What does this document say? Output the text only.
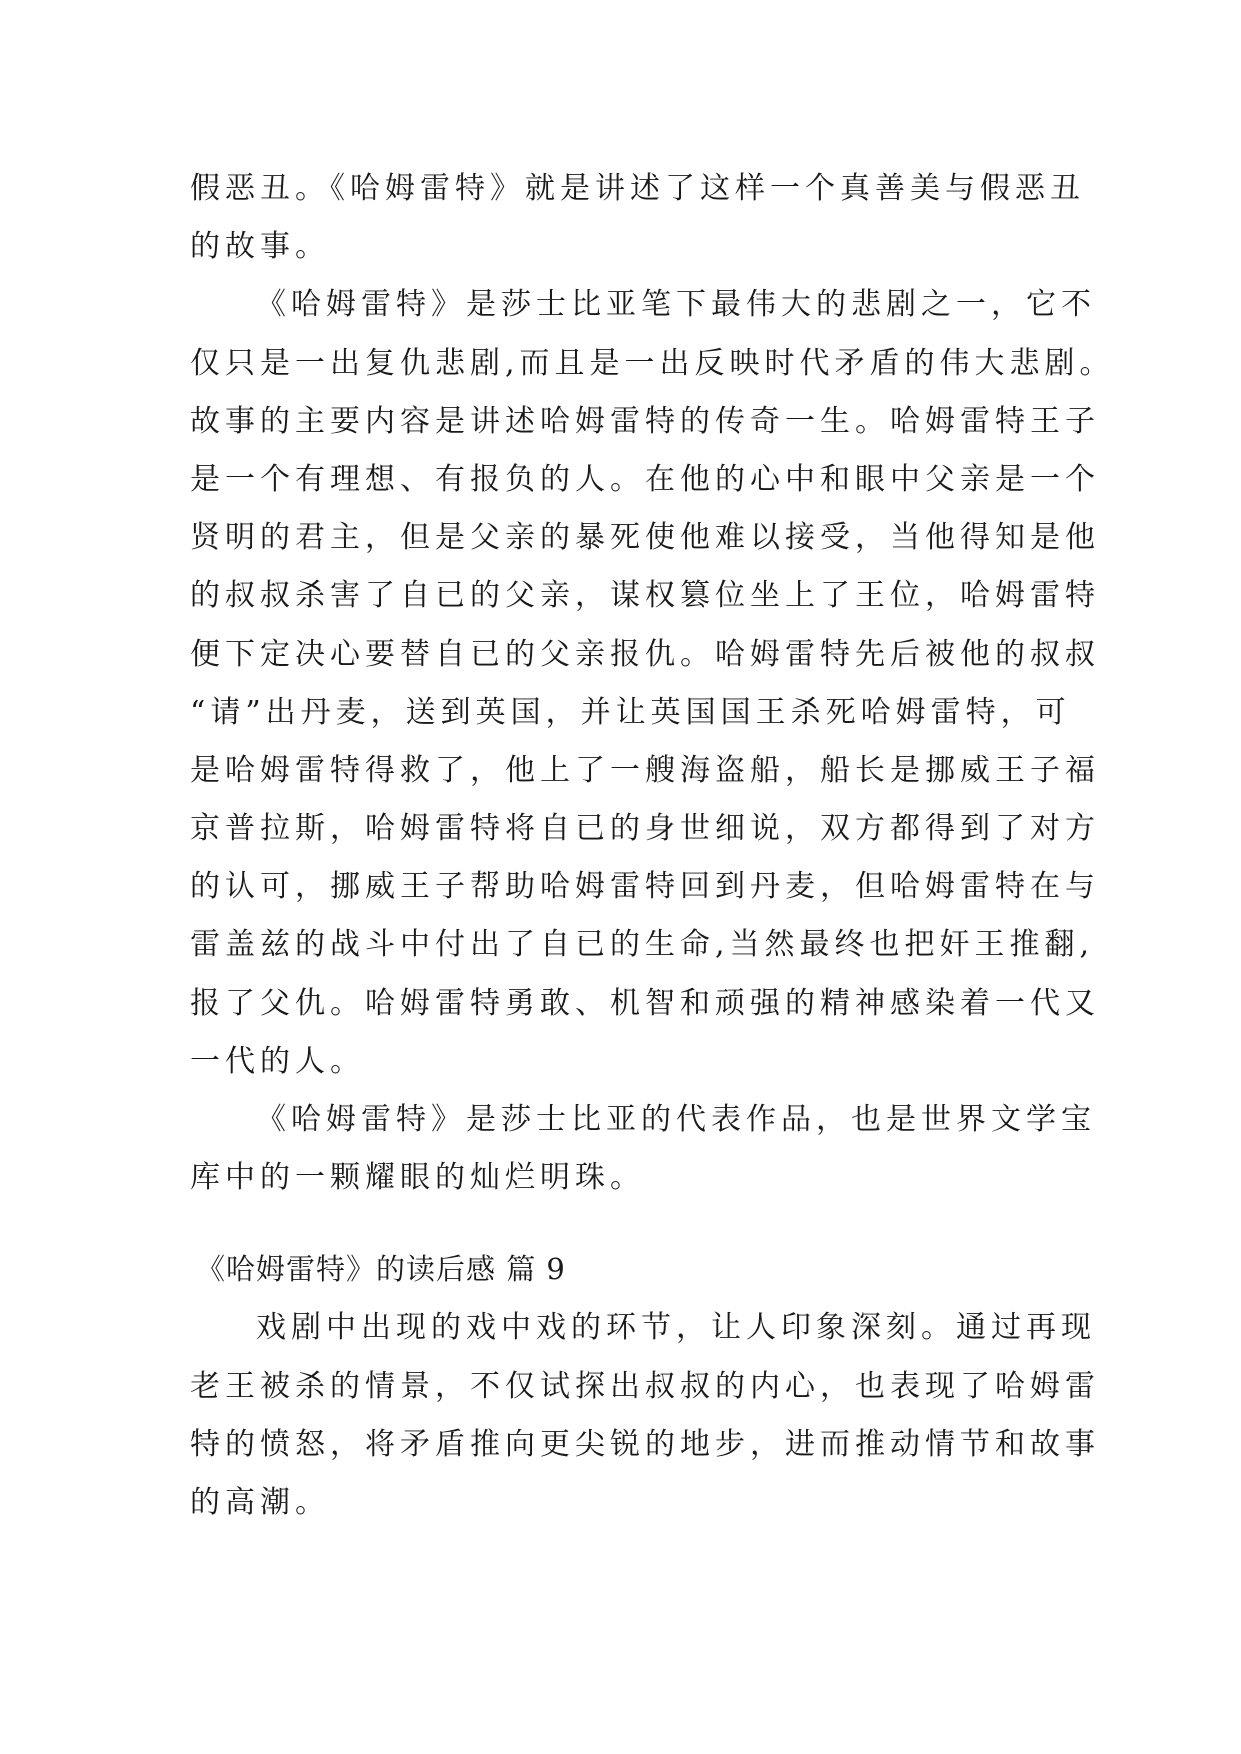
假恶丑。《哈姆雷特》就是讲述了这样一个真善美与假恶丑
的故事。
《哈姆雷特》是莎士比亚笔下最伟大的悲剧之一，它不
仅只是一出复仇悲剧,而且是一出反映时代矛盾的伟大悲剧。
故事的主要内容是讲述哈姆雷特的传奇一生。哈姆雷特王子
是一个有理想、有报负的人。在他的心中和眼中父亲是一个
贤明的君主，但是父亲的暴死使他难以接受，当他得知是他
的叔叔杀害了自已的父亲，谋权篡位坐上了王位，哈姆雷特
便下定决心要替自已的父亲报仇。哈姆雷特先后被他的叔叔
“请”出丹麦，送到英国，并让英国国王杀死哈姆雷特，可
是哈姆雷特得救了，他上了一艘海盗船，船长是挪威王子福
京普拉斯，哈姆雷特将自已的身世细说，双方都得到了对方
的认可，挪威王子帮助哈姆雷特回到丹麦，但哈姆雷特在与
雷盖兹的战斗中付出了自已的生命,当然最终也把奸王推翻,
报了父仇。哈姆雷特勇敢、机智和顽强的精神感染着一代又
一代的人。
《哈姆雷特》是莎士比亚的代表作品，也是世界文学宝
库中的一颗耀眼的灿烂明珠。
《哈姆雷特》的读后感 篇 9
戏剧中出现的戏中戏的环节，让人印象深刻。通过再现
老王被杀的情景，不仅试探出叔叔的内心，也表现了哈姆雷
特的愤怒，将矛盾推向更尖锐的地步，进而推动情节和故事
的高潮。
